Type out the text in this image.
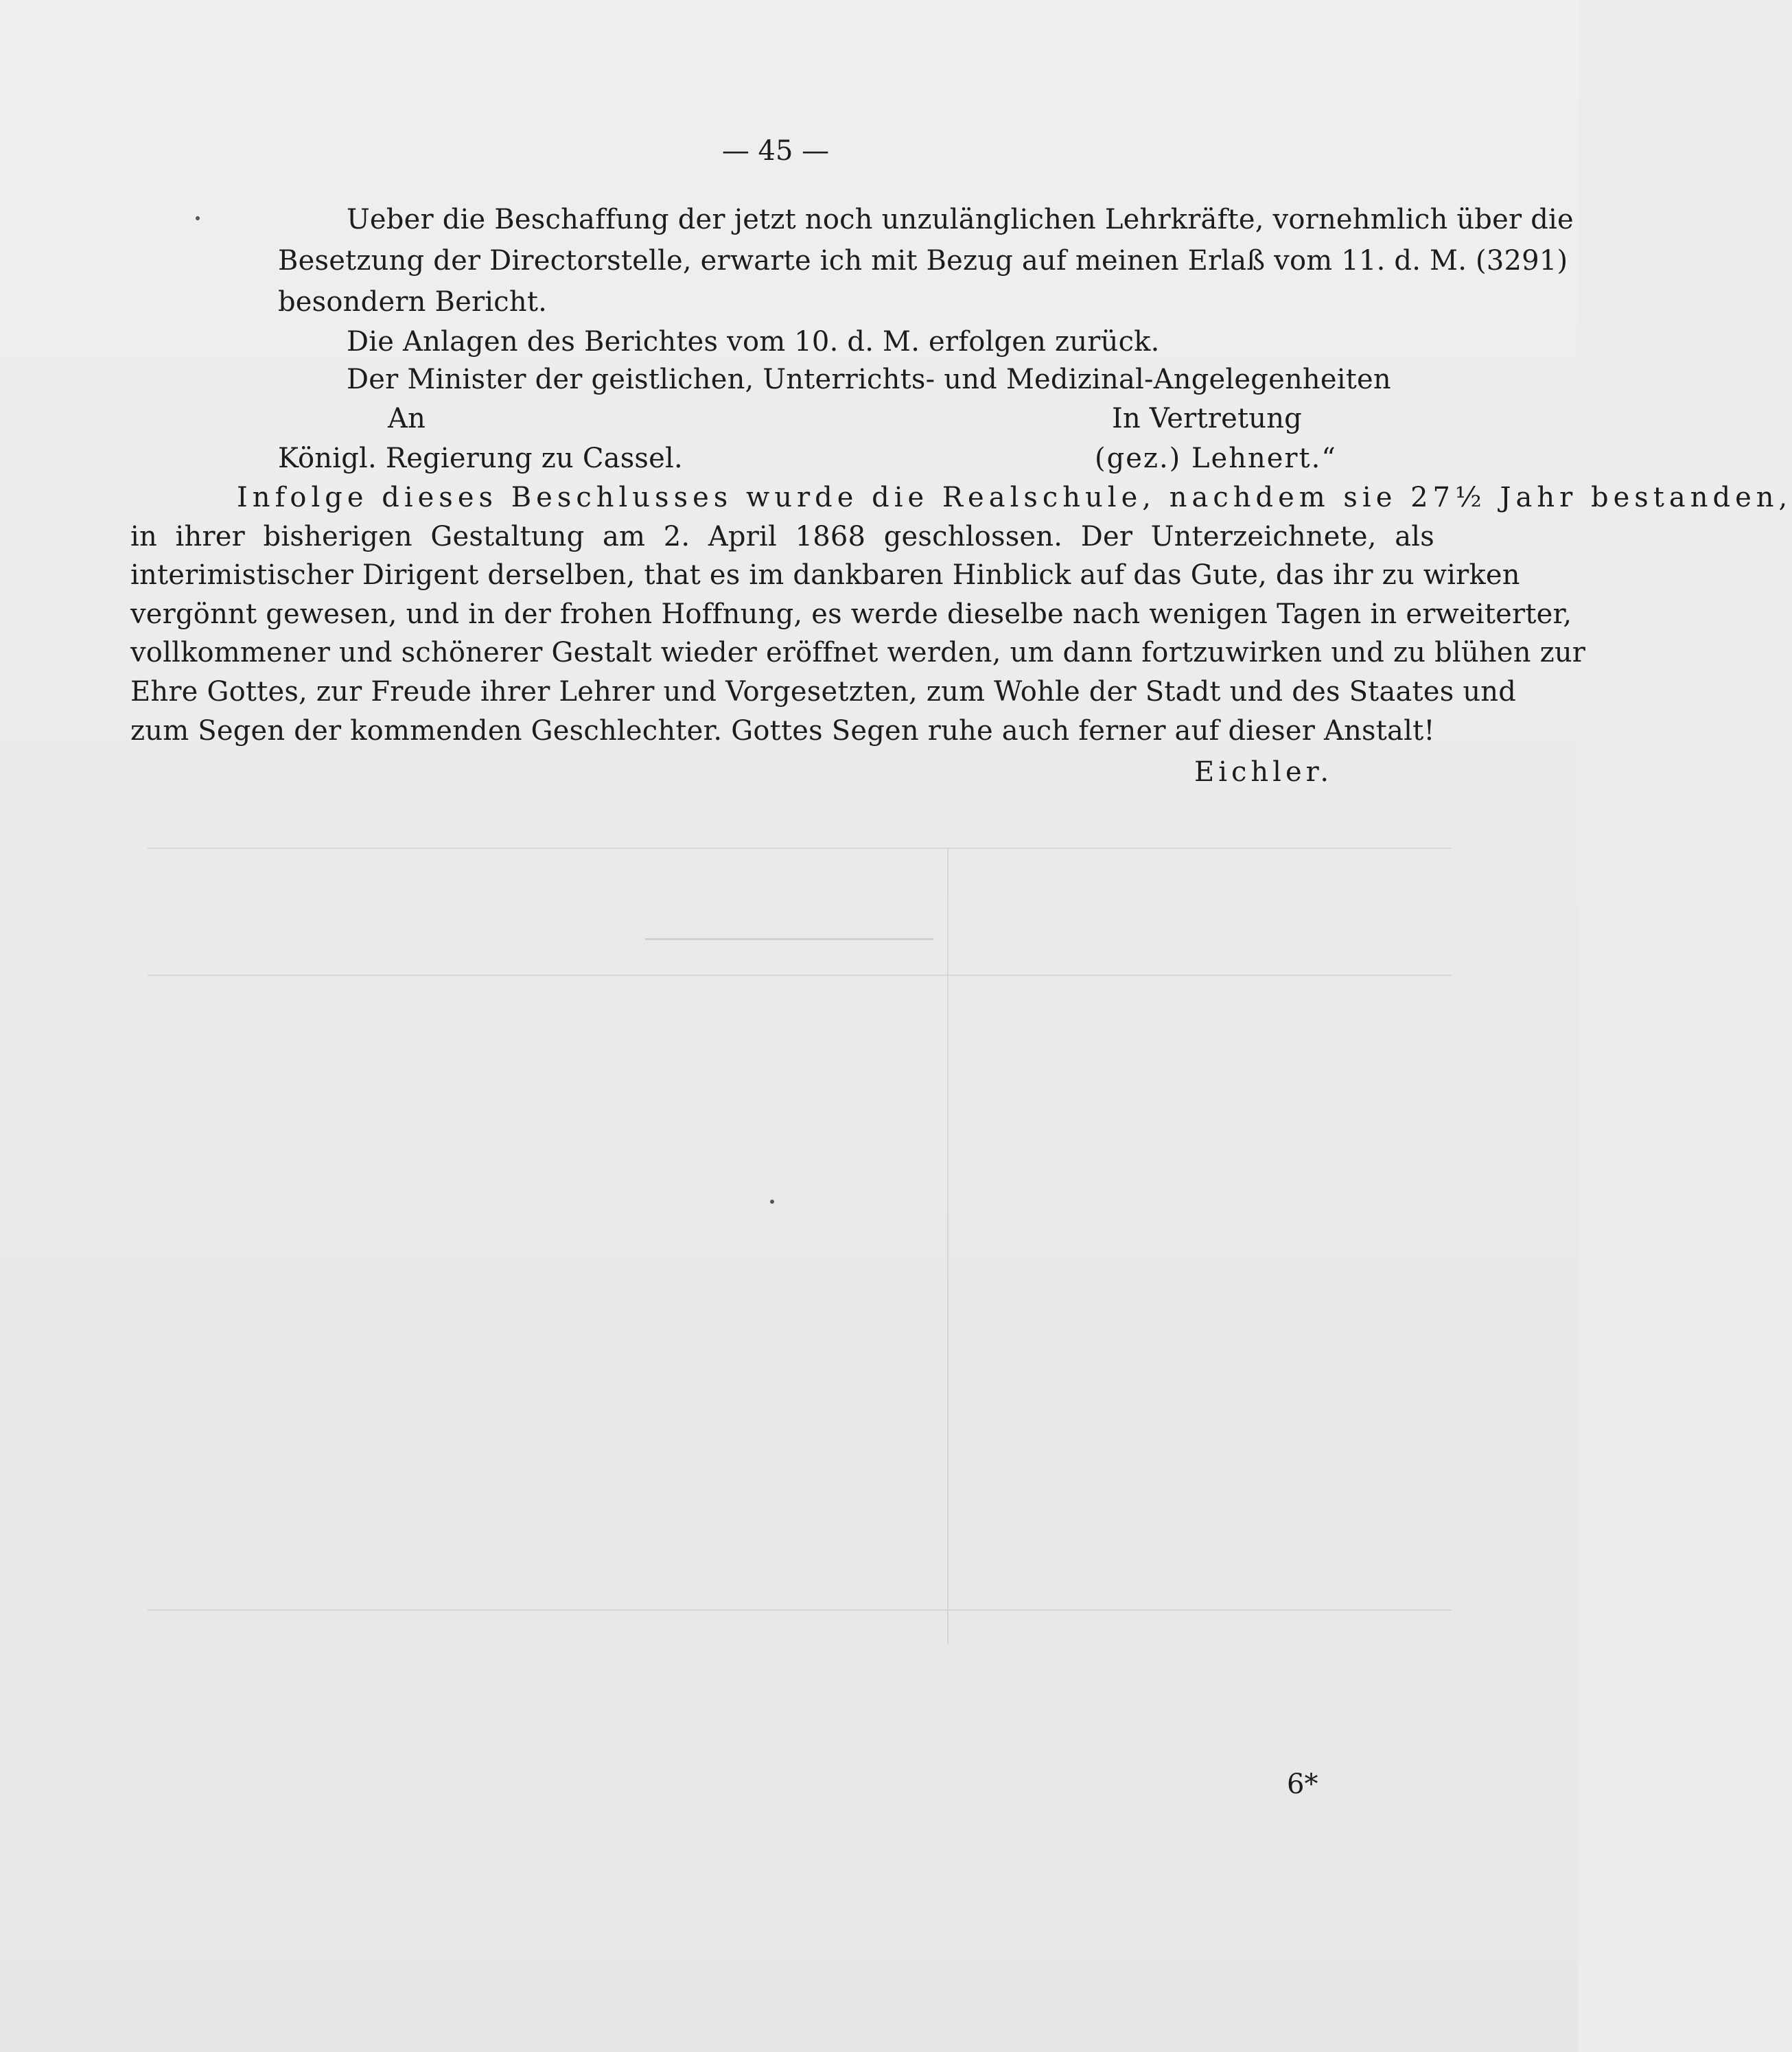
— 45 —
Ueber die Beschaffung der jetzt noch unzulänglichen Lehrkräfte, vornehmlich über die
Besetzung der Directorstelle, erwarte ich mit Bezug auf meinen Erlaß vom 11. d. M. (3291)
besondern Bericht.
Die Anlagen des Berichtes vom 10. d. M. erfolgen zurück.
Der Minister der geistlichen, Unterrichts- und Medizinal-Angelegenheiten
An	In Vertretung
Königl. Regierung zu Cassel.	(gez.) Lehnert.“
Infolge dieses Beschlusses wurde die Realschule, nachdem sie 27½ Jahr bestanden,
in ihrer bisherigen Gestaltung am 2. April 1868 geschlossen. Der Unterzeichnete, als
interimistischer Dirigent derselben, that es im dankbaren Hinblick auf das Gute, das ihr zu wirken
vergönnt gewesen, und in der frohen Hoffnung, es werde dieselbe nach wenigen Tagen in erweiterter,
vollkommener und schönerer Gestalt wieder eröffnet werden, um dann fortzuwirken und zu blühen zur
Ehre Gottes, zur Freude ihrer Lehrer und Vorgesetzten, zum Wohle der Stadt und des Staates und
zum Segen der kommenden Geschlechter. Gottes Segen ruhe auch ferner auf dieser Anstalt!
Eichler.
6*
